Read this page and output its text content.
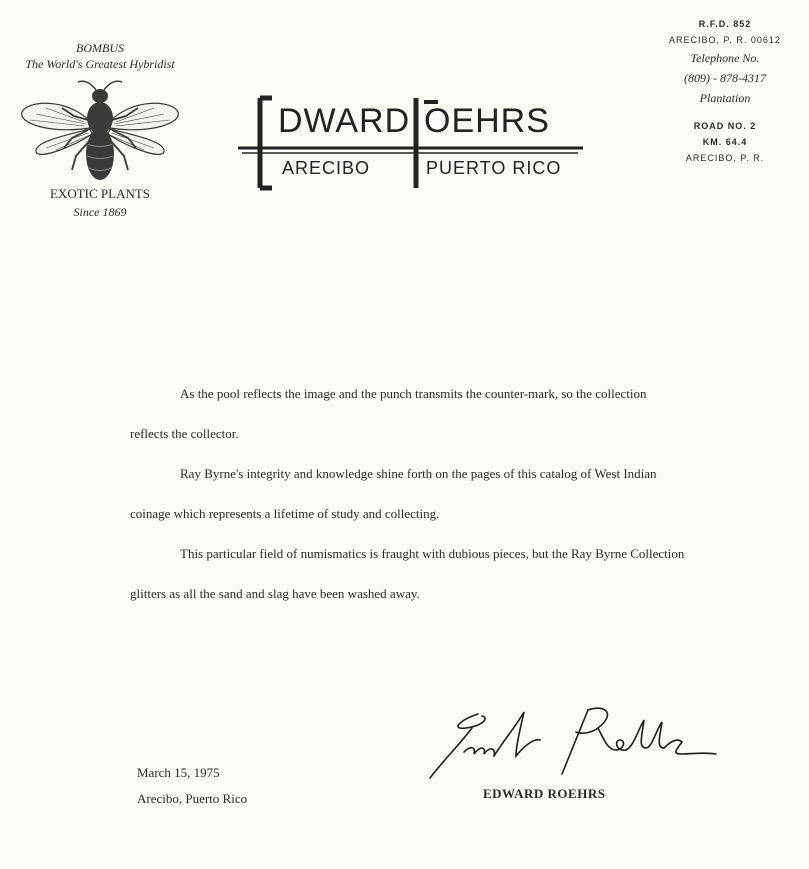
BOMBUS
The World's Greatest Hybridist
EXOTIC PLANTS
Since 1869
DWARD OEHRS
ARECIBO	PUERTO RICO
R.F.D. 852
ARECIBO, P. R. 00612
Telephone No.
(809) - 878-4317
Plantation
ROAD NO. 2
KM. 64.4
ARECIBO, P. R.

As the pool reflects the image and the punch transmits the counter-mark, so the collection reflects the collector.

Ray Byrne's integrity and knowledge shine forth on the pages of this catalog of West Indian coinage which represents a lifetime of study and collecting.

This particular field of numismatics is fraught with dubious pieces, but the Ray Byrne Collection glitters as all the sand and slag have been washed away.

March 15, 1975
Arecibo, Puerto Rico	EDWARD ROEHRS
